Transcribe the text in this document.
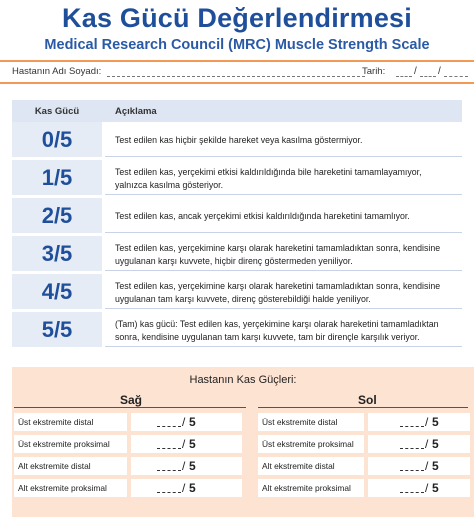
Kas Gücü Değerlendirmesi
Medical Research Council (MRC) Muscle Strength Scale
Hastanın Adı Soyadı:	Tarih:	/ /
Kas Gücü	Açıklama
0/5	Test edilen kas hiçbir şekilde hareket veya kasılma göstermiyor.
1/5	Test edilen kas, yerçekimi etkisi kaldırıldığında bile hareketini tamamlayamıyor, yalnızca kasılma gösteriyor.
2/5	Test edilen kas, ancak yerçekimi etkisi kaldırıldığında hareketini tamamlıyor.
3/5	Test edilen kas, yerçekimine karşı olarak hareketini tamamladıktan sonra, kendisine uygulanan karşı kuvvete, hiçbir direnç göstermeden yeniliyor.
4/5	Test edilen kas, yerçekimine karşı olarak hareketini tamamladıktan sonra, kendisine uygulanan tam karşı kuvvete, direnç gösterebildiği halde yeniliyor.
5/5	(Tam) kas gücü: Test edilen kas, yerçekimine karşı olarak hareketini tamamladıktan sonra, kendisine uygulanan tam karşı kuvvete, tam bir dirençle karşılık veriyor.
Hastanın Kas Güçleri:
Sağ	Sol
Üst ekstremite distal	/ 5
Üst ekstremite proksimal	/ 5
Alt ekstremite distal	/ 5
Alt ekstremite proksimal	/ 5
Üst ekstremite distal	/ 5
Üst ekstremite proksimal	/ 5
Alt ekstremite distal	/ 5
Alt ekstremite proksimal	/ 5
